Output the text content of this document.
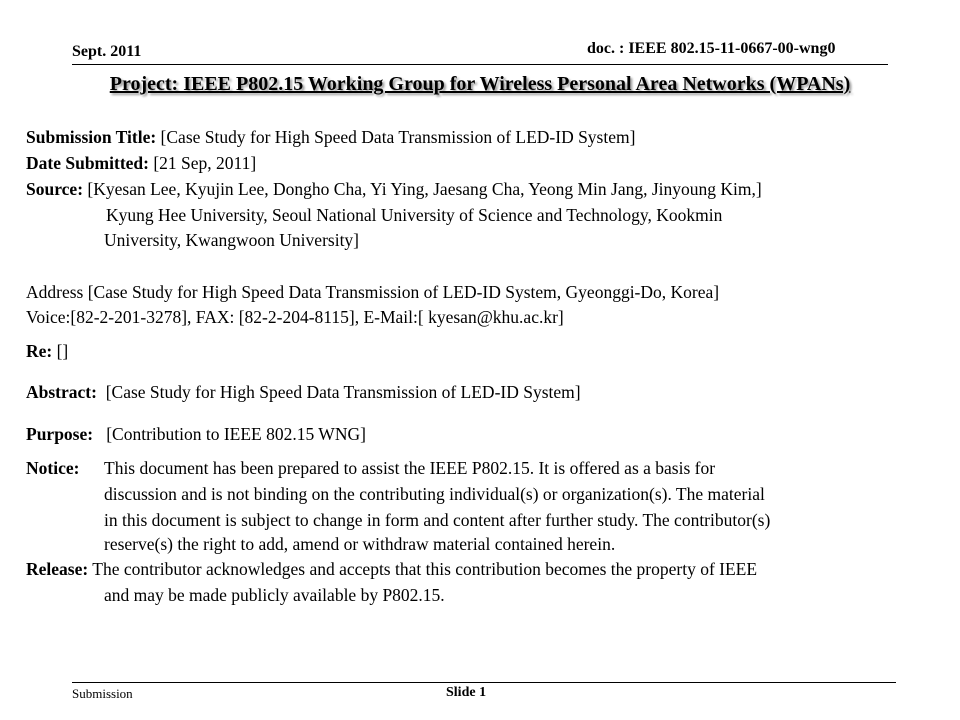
Sept. 2011	doc. : IEEE 802.15-11-0667-00-wng0
Project: IEEE P802.15 Working Group for Wireless Personal Area Networks (WPANs)
Submission Title: [Case Study for High Speed Data Transmission of LED-ID System]
Date Submitted: [21 Sep, 2011]
Source: [Kyesan Lee, Kyujin Lee, Dongho Cha, Yi Ying, Jaesang Cha, Yeong Min Jang, Jinyoung Kim,]
Kyung Hee University, Seoul National University of Science and Technology, Kookmin
University, Kwangwoon University]
Address [Case Study for High Speed Data Transmission of LED-ID System, Gyeonggi-Do, Korea]
Voice:[82-2-201-3278], FAX: [82-2-204-8115], E-Mail:[ kyesan@khu.ac.kr]
Re: []
Abstract: [Case Study for High Speed Data Transmission of LED-ID System]
Purpose: [Contribution to IEEE 802.15 WNG]
Notice: This document has been prepared to assist the IEEE P802.15. It is offered as a basis for
discussion and is not binding on the contributing individual(s) or organization(s). The material
in this document is subject to change in form and content after further study. The contributor(s)
reserve(s) the right to add, amend or withdraw material contained herein.
Release: The contributor acknowledges and accepts that this contribution becomes the property of IEEE
and may be made publicly available by P802.15.
Submission	Slide 1
